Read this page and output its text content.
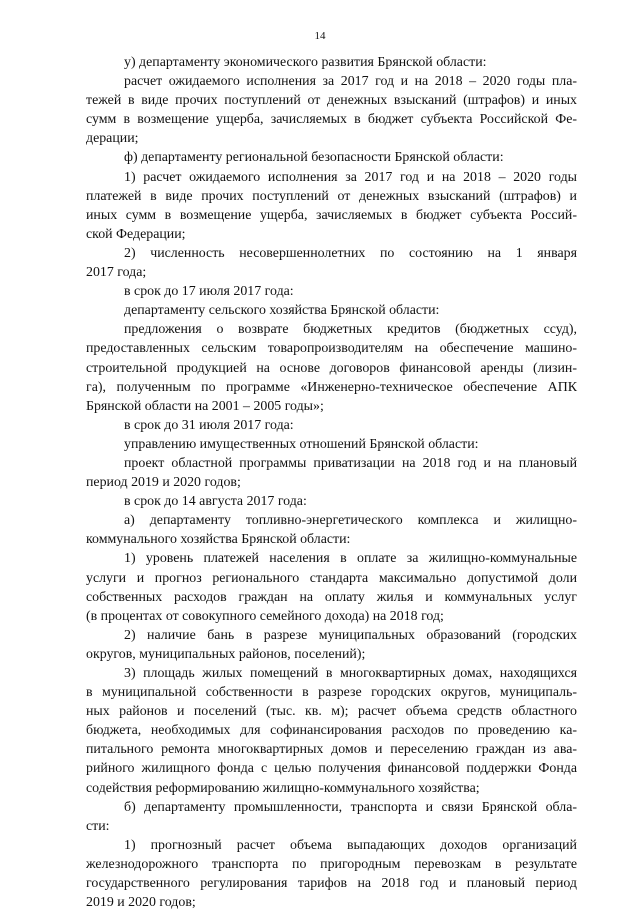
14
у) департаменту экономического развития Брянской области:
расчет ожидаемого исполнения за 2017 год и на 2018 – 2020 годы пла-
тежей в виде прочих поступлений от денежных взысканий (штрафов) и иных
сумм в возмещение ущерба, зачисляемых в бюджет субъекта Российской Фе-
дерации;
ф) департаменту региональной безопасности Брянской области:
1) расчет ожидаемого исполнения за 2017 год и на 2018 – 2020 годы
платежей в виде прочих поступлений от денежных взысканий (штрафов) и
иных сумм в возмещение ущерба, зачисляемых в бюджет субъекта Россий-
ской Федерации;
2) численность несовершеннолетних по состоянию на 1 января
2017 года;
в срок до 17 июля 2017 года:
департаменту сельского хозяйства Брянской области:
предложения о возврате бюджетных кредитов (бюджетных ссуд),
предоставленных сельским товаропроизводителям на обеспечение машино-
строительной продукцией на основе договоров финансовой аренды (лизин-
га), полученным по программе «Инженерно-техническое обеспечение АПК
Брянской области на 2001 – 2005 годы»;
в срок до 31 июля 2017 года:
управлению имущественных отношений Брянской области:
проект областной программы приватизации на 2018 год и на плановый
период 2019 и 2020 годов;
в срок до 14 августа 2017 года:
а) департаменту топливно-энергетического комплекса и жилищно-
коммунального хозяйства Брянской области:
1) уровень платежей населения в оплате за жилищно-коммунальные
услуги и прогноз регионального стандарта максимально допустимой доли
собственных расходов граждан на оплату жилья и коммунальных услуг
(в процентах от совокупного семейного дохода) на 2018 год;
2) наличие бань в разрезе муниципальных образований (городских
округов, муниципальных районов, поселений);
3) площадь жилых помещений в многоквартирных домах, находящихся
в муниципальной собственности в разрезе городских округов, муниципаль-
ных районов и поселений (тыс. кв. м); расчет объема средств областного
бюджета, необходимых для софинансирования расходов по проведению ка-
питального ремонта многоквартирных домов и переселению граждан из ава-
рийного жилищного фонда с целью получения финансовой поддержки Фонда
содействия реформированию жилищно-коммунального хозяйства;
б) департаменту промышленности, транспорта и связи Брянской обла-
сти:
1) прогнозный расчет объема выпадающих доходов организаций
железнодорожного транспорта по пригородным перевозкам в результате
государственного регулирования тарифов на 2018 год и плановый период
2019 и 2020 годов;
